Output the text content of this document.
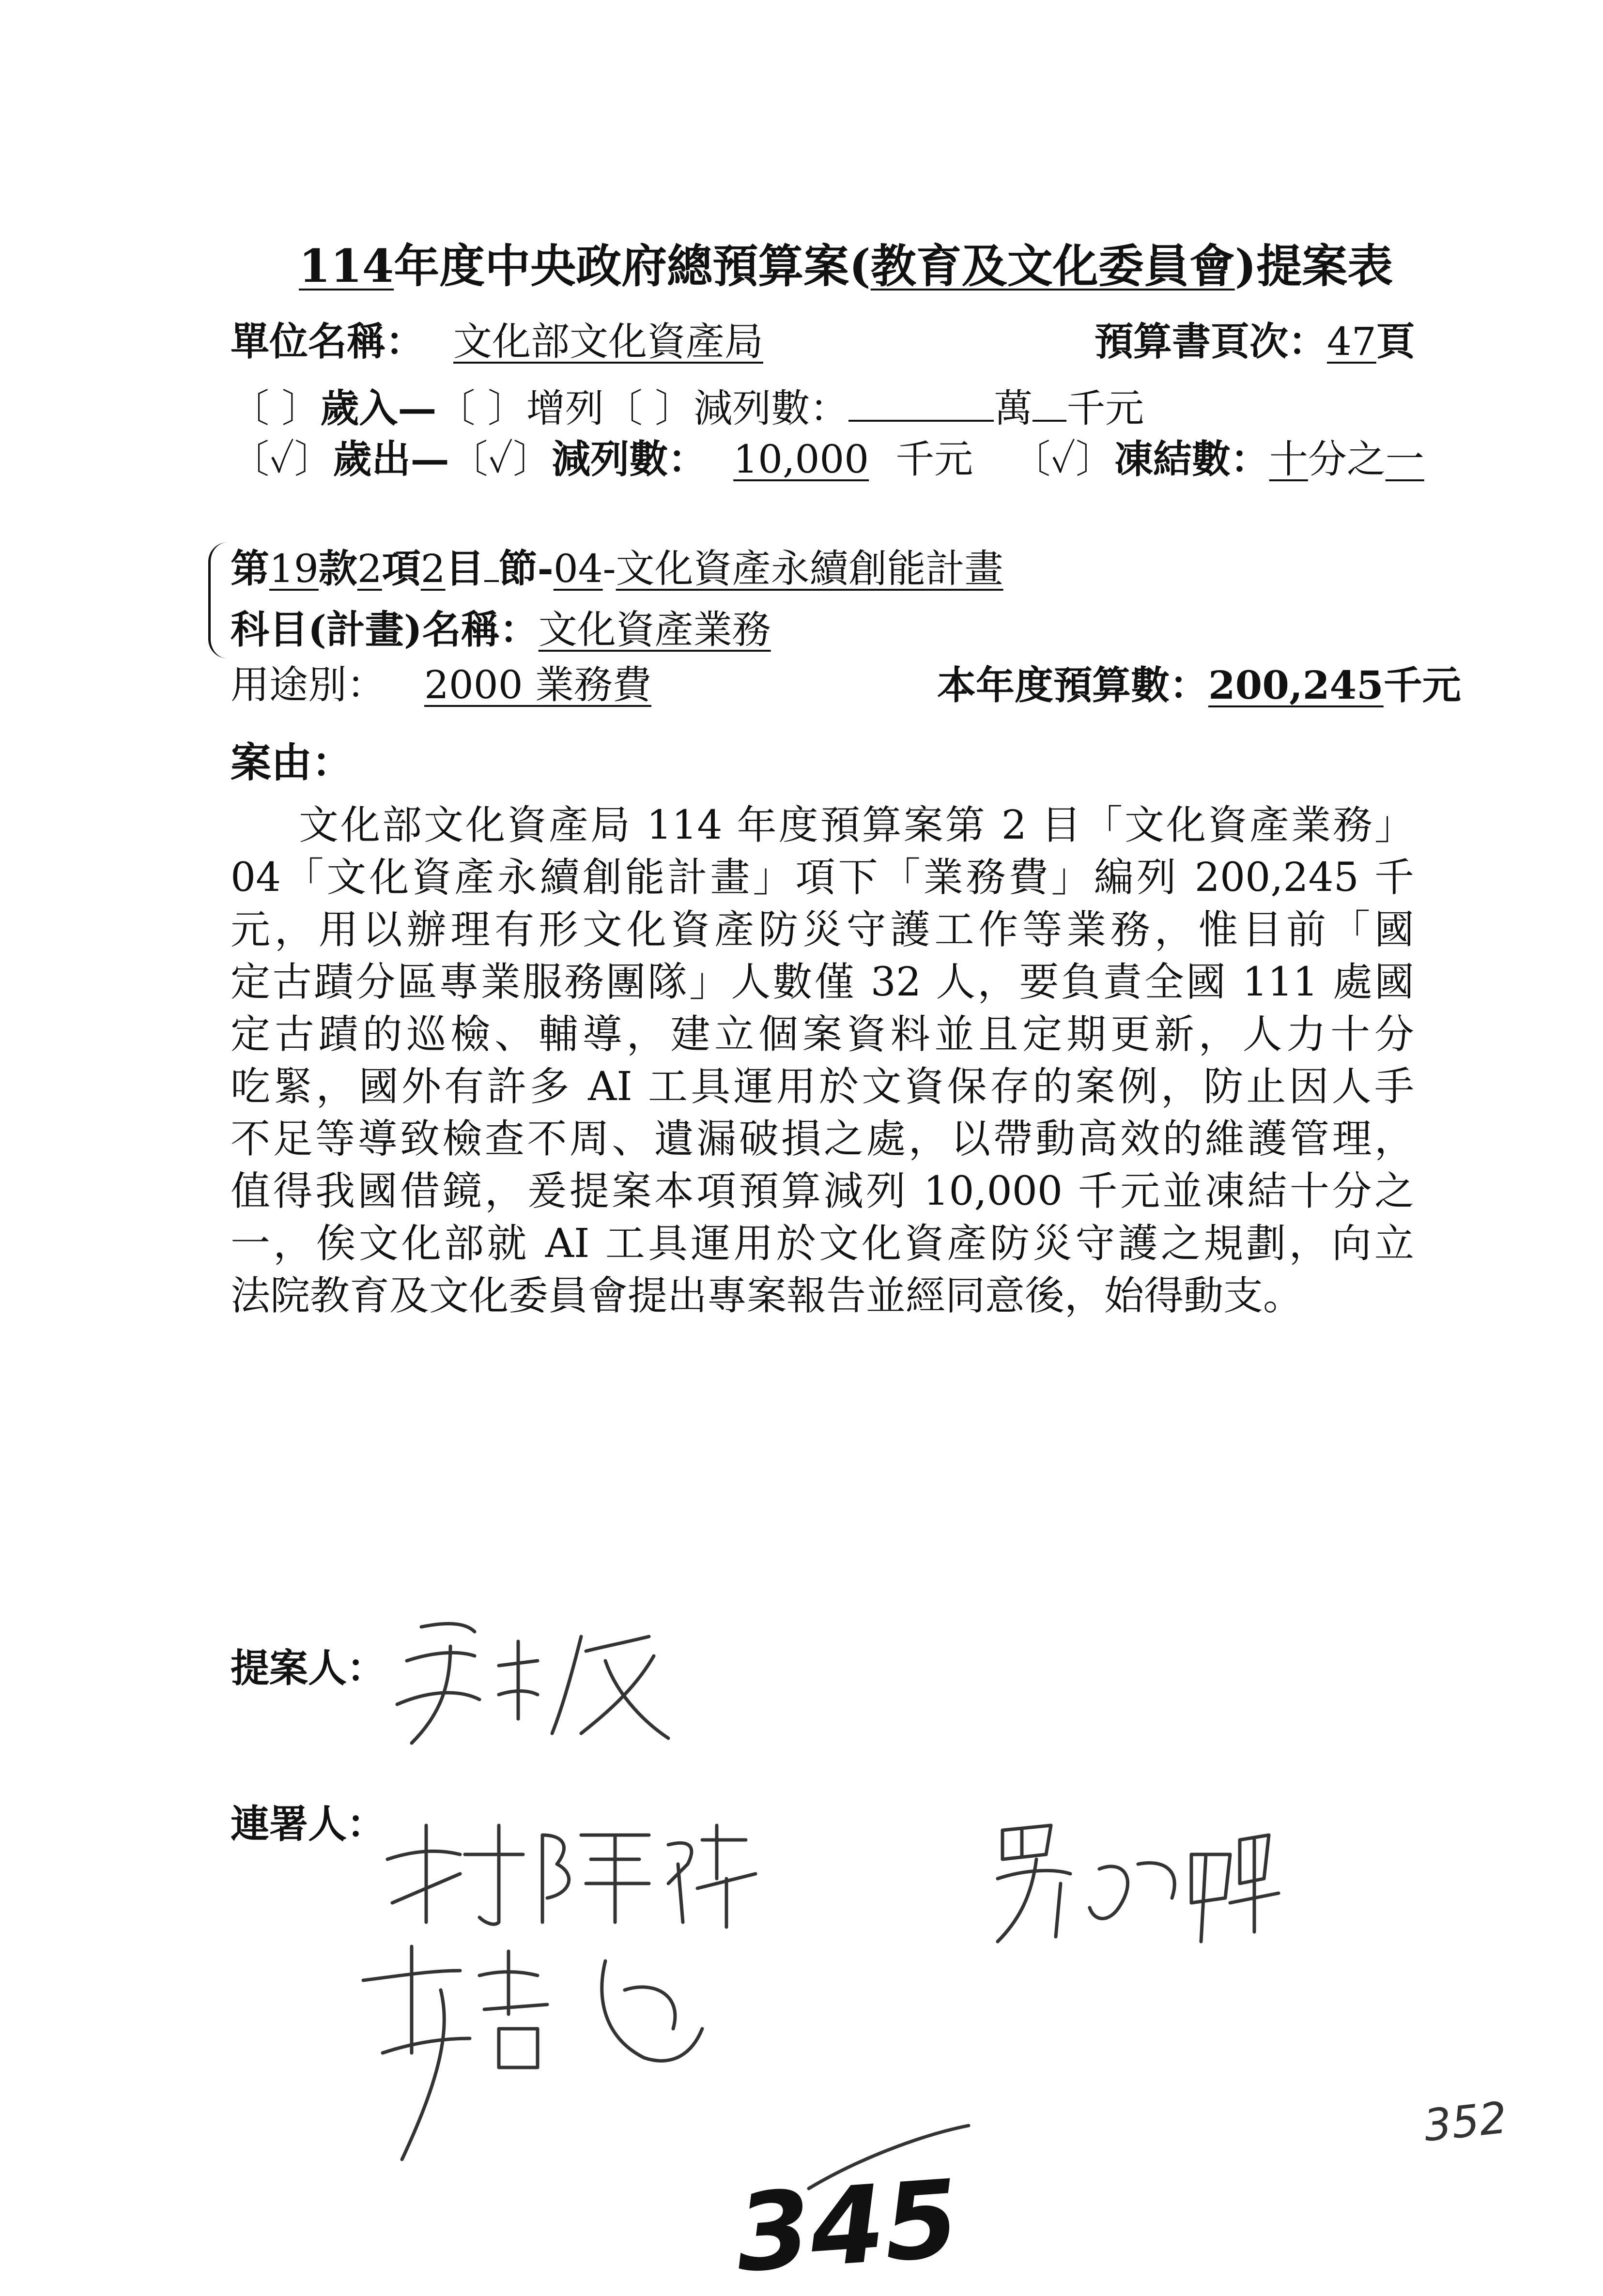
114年度中央政府總預算案(教育及文化委員會)提案表
單位名稱： 文化部文化資產局	預算書頁次：47頁
〔 〕歲入—〔 〕增列〔 〕減列數：	萬 千元
〔✓〕歲出—〔✓〕減列數： 10,000 千元 〔✓〕凍結數：十分之一
第19款2項2目 節-04-文化資產永續創能計畫
科目(計畫)名稱：文化資產業務
用途別： 2000 業務費	本年度預算數：200,245千元
案由：
文化部文化資產局 114 年度預算案第 2 目「文化資產業務」
04「文化資產永續創能計畫」項下「業務費」編列 200,245 千
元，用以辦理有形文化資產防災守護工作等業務，惟目前「國
定古蹟分區專業服務團隊」人數僅 32 人，要負責全國 111 處國
定古蹟的巡檢、輔導，建立個案資料並且定期更新，人力十分
吃緊，國外有許多 AI 工具運用於文資保存的案例，防止因人手
不足等導致檢查不周、遺漏破損之處，以帶動高效的維護管理，
值得我國借鏡，爰提案本項預算減列 10,000 千元並凍結十分之
一，俟文化部就 AI 工具運用於文化資產防災守護之規劃，向立
法院教育及文化委員會提出專案報告並經同意後，始得動支。
提案人：
連署人：
352
345
